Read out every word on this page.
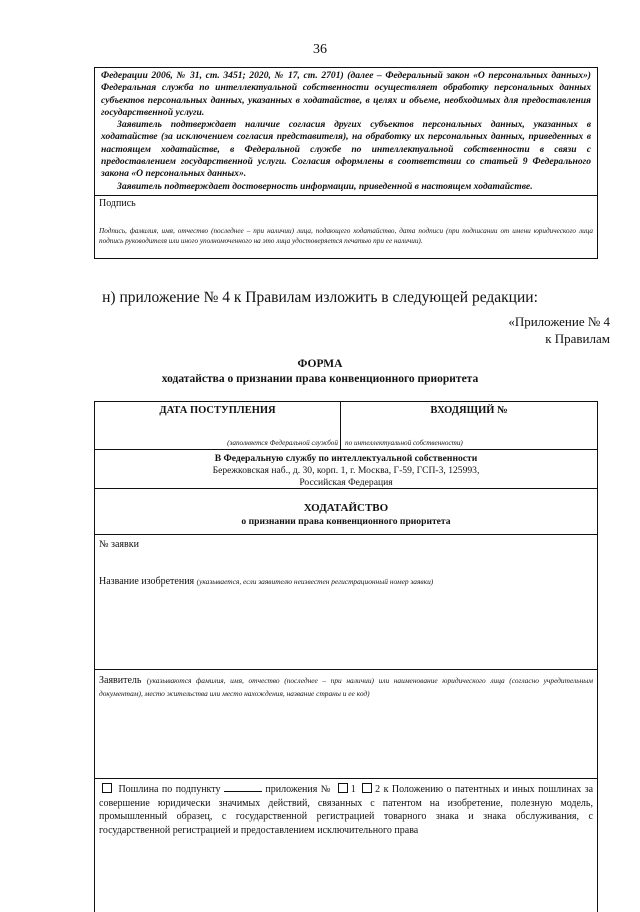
36

Федерации 2006, № 31, ст. 3451; 2020, № 17, ст. 2701) (далее – Федеральный закон «О персональных данных») Федеральная служба по интеллектуальной собственности осуществляет обработку персональных данных субъектов персональных данных, указанных в ходатайстве, в целях и объеме, необходимых для предоставления государственной услуги.

Заявитель подтверждает наличие согласия других субъектов персональных данных, указанных в ходатайстве (за исключением согласия представителя), на обработку их персональных данных, приведенных в настоящем ходатайстве, в Федеральной службе по интеллектуальной собственности в связи с предоставлением государственной услуги. Согласия оформлены в соответствии со статьей 9 Федерального закона «О персональных данных».

Заявитель подтверждает достоверность информации, приведенной в настоящем ходатайстве.

Подпись
Подпись, фамилия, имя, отчество (последнее – при наличии) лица, подающего ходатайство, дата подписи (при подписании от имени юридического лица подпись руководителя или иного уполномоченного на это лица удостоверяется печатью при ее наличии).
н) приложение № 4 к Правилам изложить в следующей редакции:
«Приложение № 4
к Правилам
ФОРМА
ходатайства о признании права конвенционного приоритета
ДАТА ПОСТУПЛЕНИЯ
(заполняется Федеральной службой
ВХОДЯЩИЙ №
по интеллектуальной собственности)
В Федеральную службу по интеллектуальной собственности
Бережковская наб., д. 30, корп. 1, г. Москва, Г-59, ГСП-3, 125993,
Российская Федерация
ХОДАТАЙСТВО
о признании права конвенционного приоритета
№ заявки
Название изобретения (указывается, если заявителю неизвестен регистрационный номер заявки)
Заявитель (указываются фамилия, имя, отчество (последнее – при наличии) или наименование юридического лица (согласно учредительным документам), место жительства или место нахождения, название страны и ее код)
Пошлина по подпункту	приложения № 1 2 к Положению о патентных и иных пошлинах за совершение юридически значимых действий, связанных с патентом на изобретение, полезную модель, промышленный образец, с государственной регистрацией товарного знака и знака обслуживания, с государственной регистрацией и предоставлением исключительного права
